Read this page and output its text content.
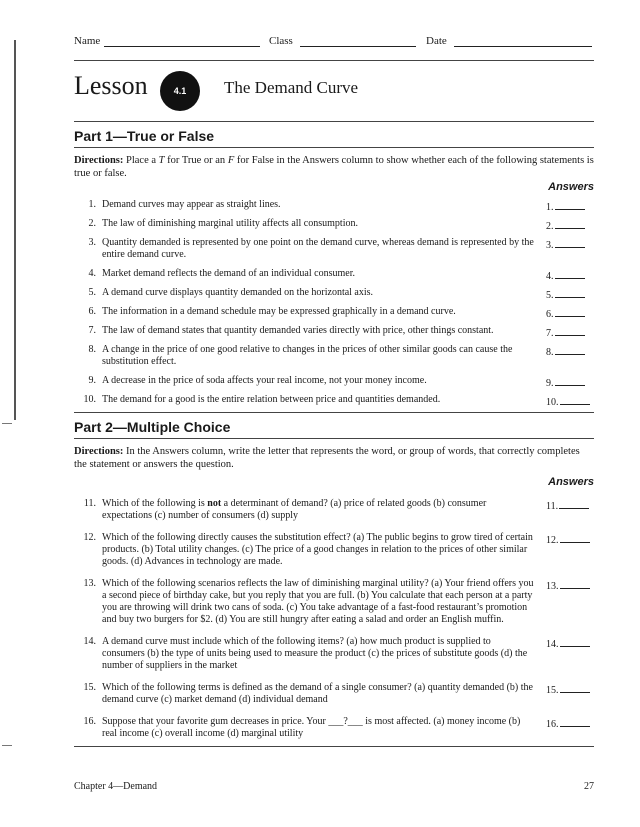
Name	Class	Date
Lesson	4.1	The Demand Curve
Part 1—True or False
Directions: Place a T for True or an F for False in the Answers column to show whether each of the following statements is true or false.
Answers
1. Demand curves may appear as straight lines.	1.
2. The law of diminishing marginal utility affects all consumption.	2.
3. Quantity demanded is represented by one point on the demand curve, whereas demand is represented by the entire demand curve.
3.
4. Market demand reflects the demand of an individual consumer.	4.
5. A demand curve displays quantity demanded on the horizontal axis.	5.
6. The information in a demand schedule may be expressed graphically in a demand curve.	6.
7. The law of demand states that quantity demanded varies directly with price, other things constant.	7.
8. A change in the price of one good relative to changes in the prices of other similar goods can cause the substitution effect.
8.
9. A decrease in the price of soda affects your real income, not your money income.	9.
10. The demand for a good is the entire relation between price and quantities demanded.	10.
Part 2—Multiple Choice
Directions: In the Answers column, write the letter that represents the word, or group of words, that correctly completes the statement or answers the question.
Answers
11. Which of the following is not a determinant of demand? (a) price of related goods (b) consumer expectations (c) number of consumers (d) supply
11.
12. Which of the following directly causes the substitution effect? (a) The public begins to grow tired of certain products. (b) Total utility changes. (c) The price of a good changes in relation to the prices of other similar goods. (d) Advances in technology are made.
12.
13. Which of the following scenarios reflects the law of diminishing marginal utility? (a) Your friend offers you a second piece of birthday cake, but you reply that you are full. (b) You calculate that each person at a party you are throwing will drink two cans of soda. (c) You take advantage of a fast-food restaurant’s promotion and buy two burgers for $2. (d) You are still hungry after eating a salad and order an English muffin.
13.
14. A demand curve must include which of the following items? (a) how much product is supplied to consumers (b) the type of units being used to measure the product (c) the prices of substitute goods (d) the number of suppliers in the market
14.
15. Which of the following terms is defined as the demand of a single consumer? (a) quantity demanded (b) the demand curve (c) market demand (d) individual demand
15.
16. Suppose that your favorite gum decreases in price. Your ___?___ is most affected. (a) money income (b) real income (c) overall income (d) marginal utility
16.
Chapter 4—Demand	27
